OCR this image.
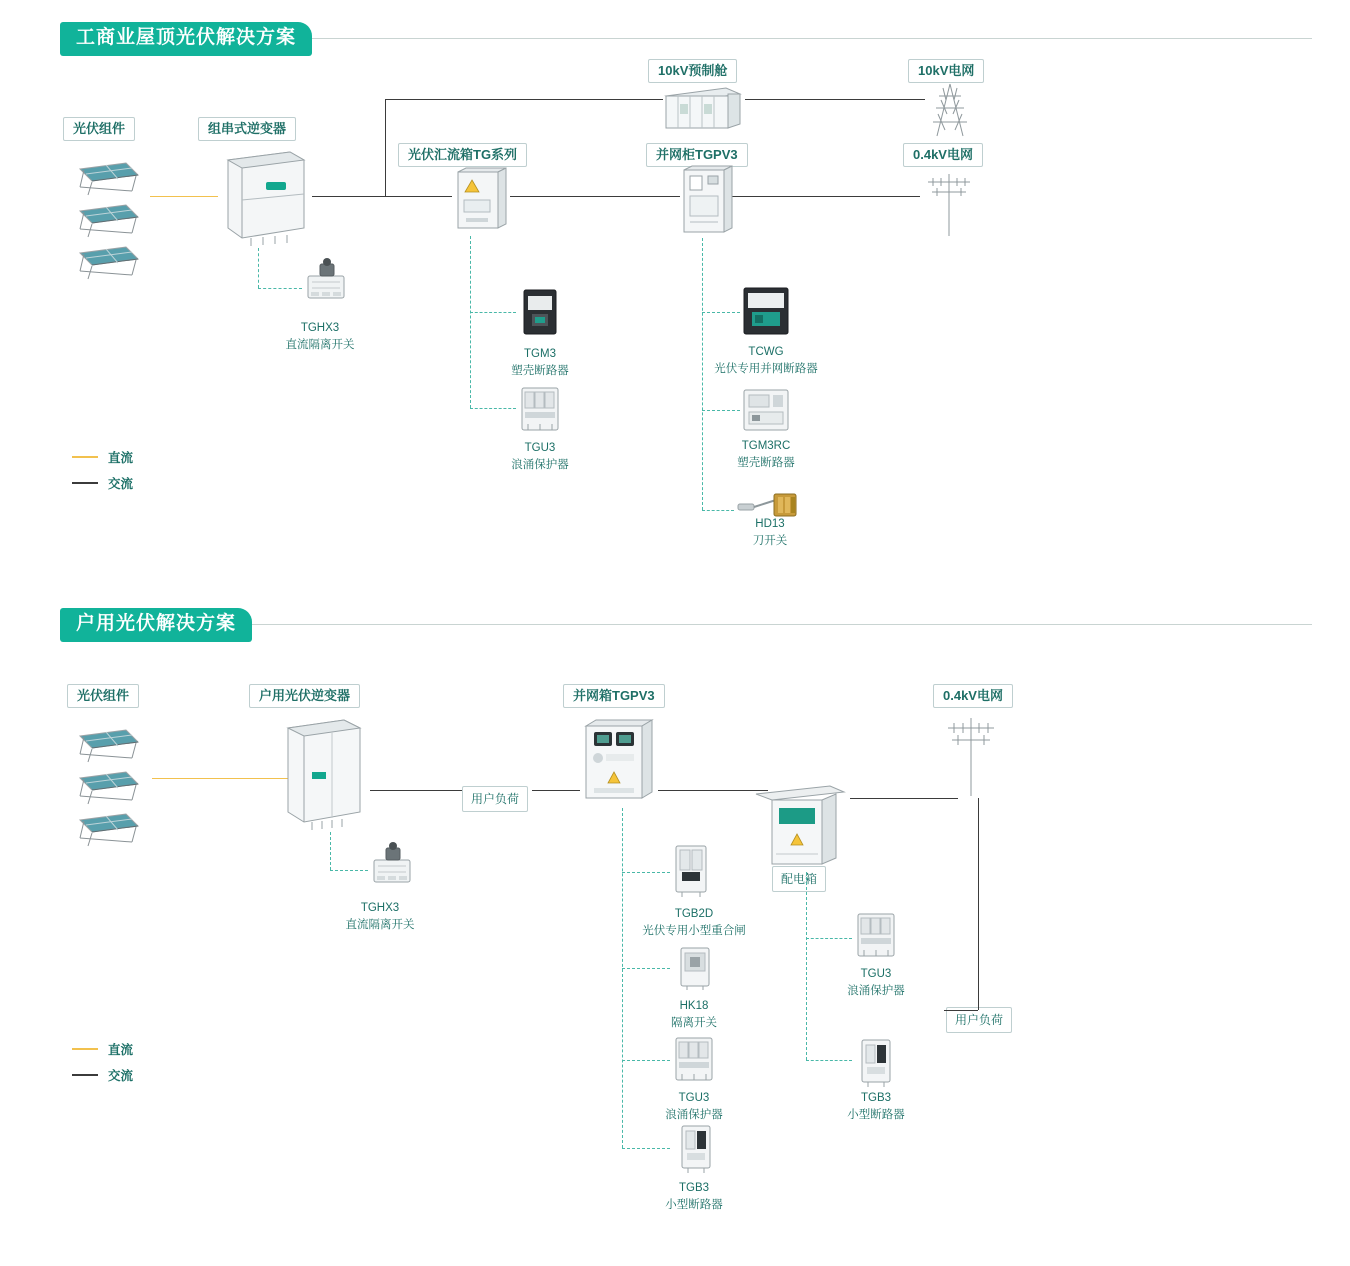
工商业屋顶光伏解决方案
光伏组件	组串式逆变器
光伏汇流箱TG系列	并网柜TGPV3
10kV预制舱	10kV电网
0.4kV电网
TGHX3
直流隔离开关
TGM3
塑壳断路器
TGU3
浪涌保护器
TCWG
光伏专用并网断路器
TGM3RC
塑壳断路器
HD13
刀开关
直流
交流
户用光伏解决方案
光伏组件	户用光伏逆变器	并网箱TGPV3	0.4kV电网
配电箱
用户负荷
用户负荷
TGHX3
直流隔离开关
TGB2D
光伏专用小型重合闸
HK18
隔离开关
TGU3
浪涌保护器
TGB3
小型断路器
TGU3
浪涌保护器
TGB3
小型断路器
直流
交流
